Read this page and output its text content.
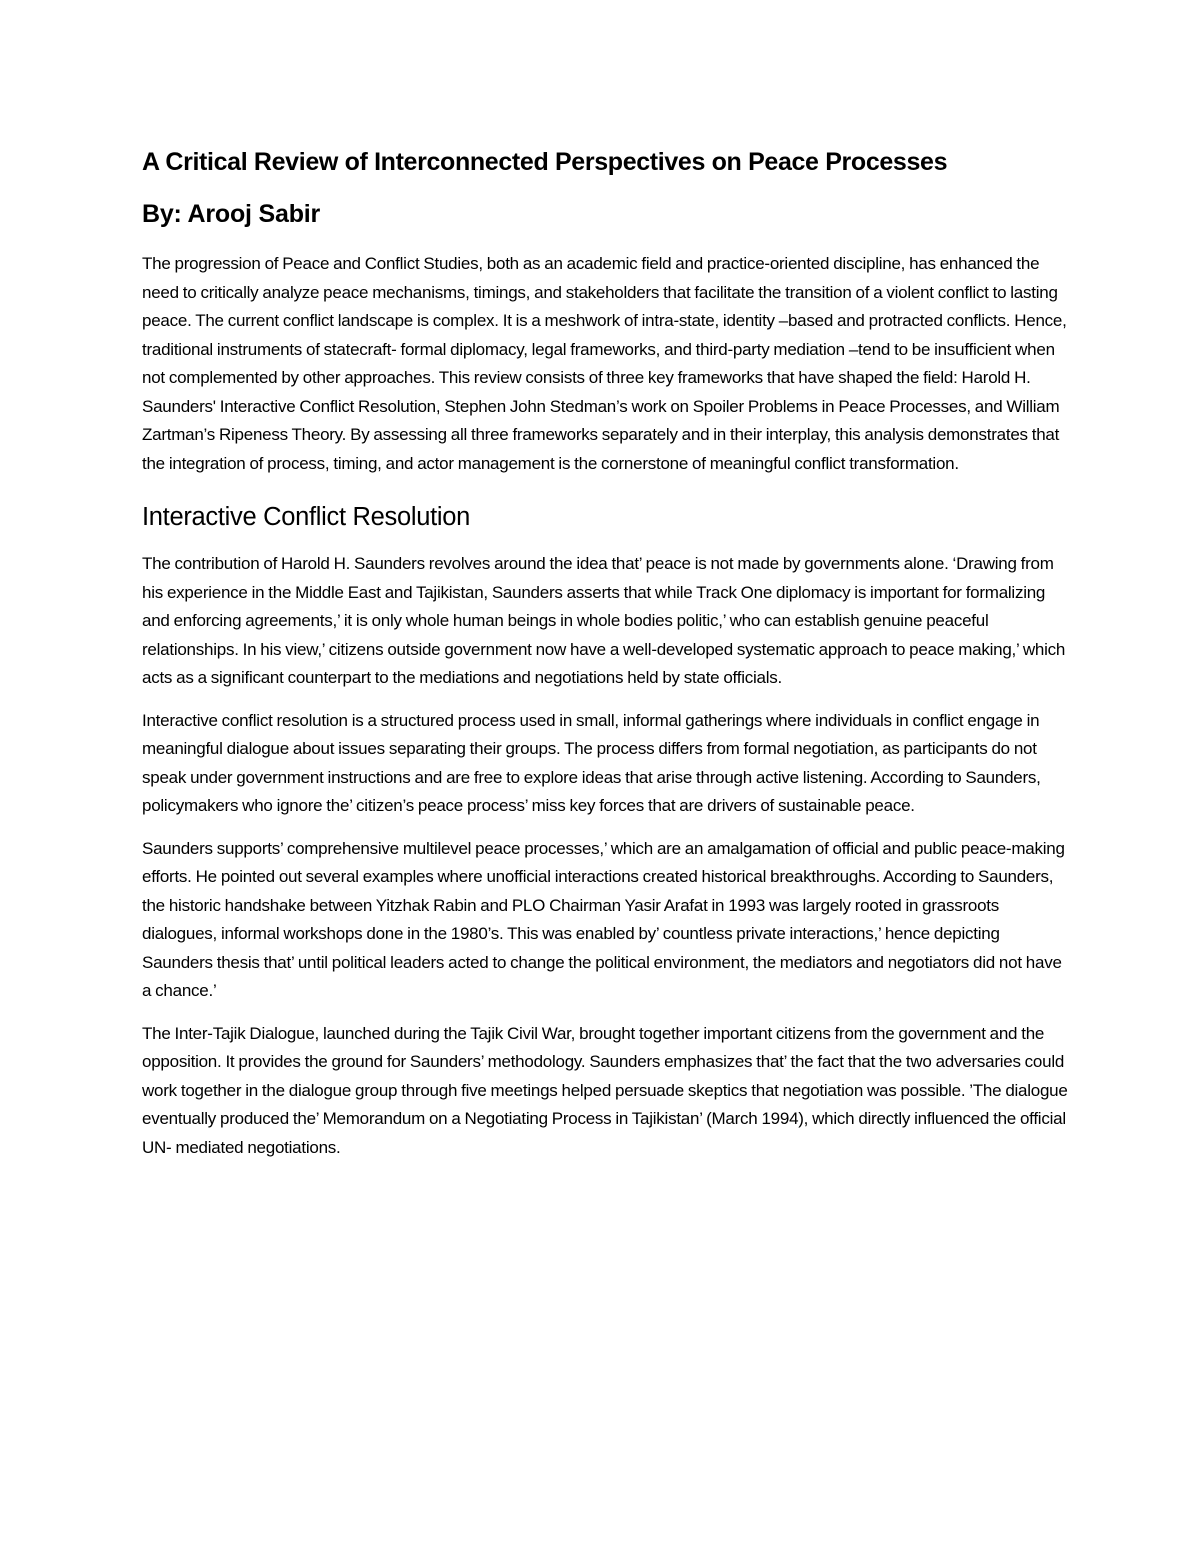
A Critical Review of Interconnected Perspectives on Peace Processes
By: Arooj Sabir

The progression of Peace and Conflict Studies, both as an academic field and practice-oriented discipline, has enhanced the need to critically analyze peace mechanisms, timings, and stakeholders that facilitate the transition of a violent conflict to lasting peace. The current conflict landscape is complex. It is a meshwork of intra-state, identity –based and protracted conflicts. Hence, traditional instruments of statecraft- formal diplomacy, legal frameworks, and third-party mediation –tend to be insufficient when not complemented by other approaches. This review consists of three key frameworks that have shaped the field: Harold H. Saunders' Interactive Conflict Resolution, Stephen John Stedman’s work on Spoiler Problems in Peace Processes, and William Zartman’s Ripeness Theory. By assessing all three frameworks separately and in their interplay, this analysis demonstrates that the integration of process, timing, and actor management is the cornerstone of meaningful conflict transformation.

Interactive Conflict Resolution

The contribution of Harold H. Saunders revolves around the idea that’ peace is not made by governments alone. ‘Drawing from his experience in the Middle East and Tajikistan, Saunders asserts that while Track One diplomacy is important for formalizing and enforcing agreements,’ it is only whole human beings in whole bodies politic,’ who can establish genuine peaceful relationships. In his view,’ citizens outside government now have a well-developed systematic approach to peace making,’ which acts as a significant counterpart to the mediations and negotiations held by state officials.

Interactive conflict resolution is a structured process used in small, informal gatherings where individuals in conflict engage in meaningful dialogue about issues separating their groups. The process differs from formal negotiation, as participants do not speak under government instructions and are free to explore ideas that arise through active listening. According to Saunders, policymakers who ignore the’ citizen’s peace process’ miss key forces that are drivers of sustainable peace.

Saunders supports’ comprehensive multilevel peace processes,’ which are an amalgamation of official and public peace-making efforts. He pointed out several examples where unofficial interactions created historical breakthroughs. According to Saunders, the historic handshake between Yitzhak Rabin and PLO Chairman Yasir Arafat in 1993 was largely rooted in grassroots dialogues, informal workshops done in the 1980’s. This was enabled by’ countless private interactions,’ hence depicting Saunders thesis that’ until political leaders acted to change the political environment, the mediators and negotiators did not have a chance.’

The Inter-Tajik Dialogue, launched during the Tajik Civil War, brought together important citizens from the government and the opposition. It provides the ground for Saunders’ methodology. Saunders emphasizes that’ the fact that the two adversaries could work together in the dialogue group through five meetings helped persuade skeptics that negotiation was possible. ’The dialogue eventually produced the’ Memorandum on a Negotiating Process in Tajikistan’ (March 1994), which directly influenced the official UN- mediated negotiations.
